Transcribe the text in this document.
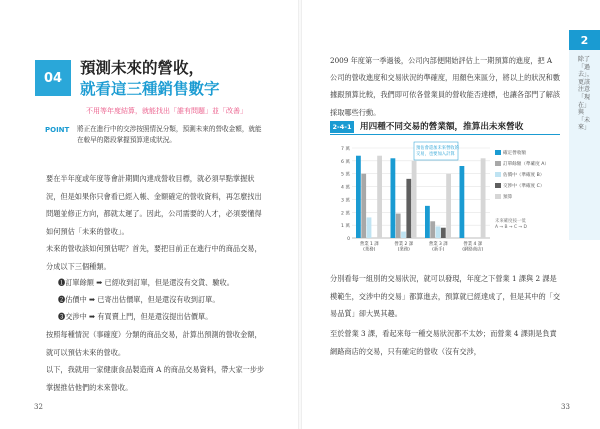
04
預測未來的營收，
就看這三種銷售數字
不用等年度結算，就能找出「誰有問題」並「改善」
POINT 將正在進行中的交涉按照情況分類，預測未來的營收金額，就能在較早的階段掌握預算達成狀況。
要在半年度或年度等會計期間內達成營收目標，就必須早點掌握狀況，但是如果你只會看已經入帳、金額確定的營收資料，再怎麼找出問題並修正方向，都就太遲了。因此，公司需要的人才，必須要懂得如何預估「未來的營收」。
未來的營收該如何預估呢？首先，要把目前正在進行中的商品交易，分成以下三個種類。
❶訂單餘額 ➡ 已經收到訂單，但是還沒有交貨、驗收。
❷估價中 ➡ 已寄出估價單，但是還沒有收到訂單。
❸交涉中 ➡ 有買賣上門，但是還沒提出估價單。
按照每種情況（事確度）分類的商品交易，計算出預測的營收金額，就可以預估未來的營收。
以下，我就用一家健康食品製造商 A 的商品交易資料，帶大家一步步掌握推估他們的未來營收。
32
2
除了「過去」，更該注意「現在」與「未來」
2009 年度第一季過後，公司內部便開始評估上一期預算的進度，把 A 公司的營收進度和交易狀況的準確度，用顏色來區分，將以上的狀況和數據跟預算比較，我們即可依各營業員的營收能否達標，也讓各部門了解該採取哪些行動。
2-4-1 用四種不同交易的營業額，推算出未來營收
0
1 萬
2 萬
3 萬
4 萬
5 萬
6 萬
7 萬
營業 1 課
(業務)
營業 2 課
(業務)
營業 3 課
(新手)
營業 4 課
(網路商店)
預估會還加未來營收的
交易，也要加入計算	確定營收額
訂單餘額（準確度 A）
估價中（準確度 B）
交涉中（準確度 C）
預算
未來確度按一低
A → B → C → D
分別看每一組別的交易狀況，就可以發現，年度之下營業 1 課與 2 課是模範生，交涉中的交易」都算進去，預算就已經達成了，但是其中的「交易品質」卻大異其趣。
至於營業 3 課，看起來每一種交易狀況都不太妙；而營業 4 課則是負責網路商店的交易，只有確定的營收（沒有交涉，
33
